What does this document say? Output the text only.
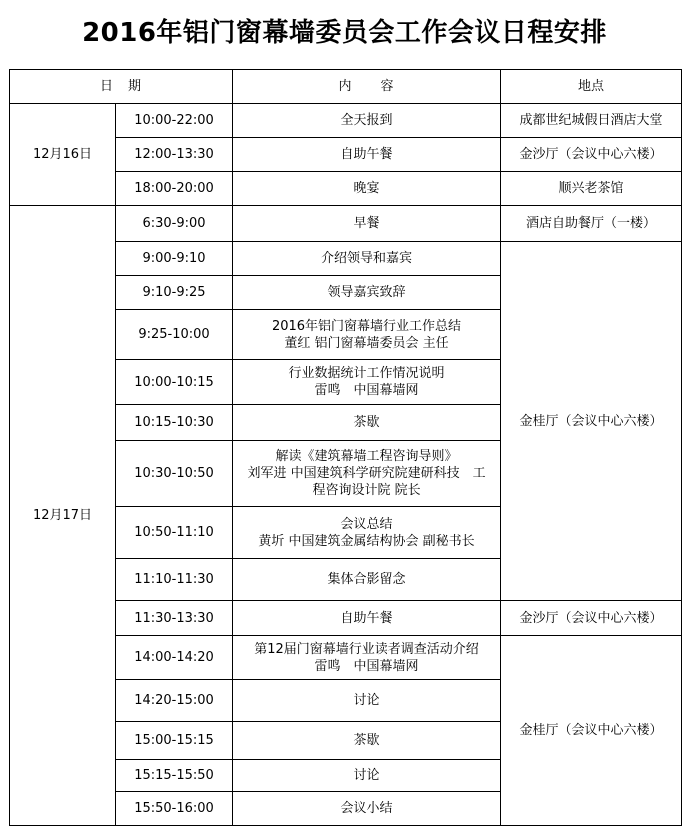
2016年铝门窗幕墙委员会工作会议日程安排
日　期		内　　容	地点
12月16日	10:00-22:00	全天报到	成都世纪城假日酒店大堂
	12:00-13:30	自助午餐	金沙厅（会议中心六楼）
	18:00-20:00	晚宴	顺兴老茶馆
12月17日	6:30-9:00	早餐	酒店自助餐厅（一楼）
	9:00-9:10	介绍领导和嘉宾	金桂厅（会议中心六楼）
	9:10-9:25	领导嘉宾致辞	
	9:25-10:00	2016年铝门窗幕墙行业工作总结
董红 铝门窗幕墙委员会 主任	

	10:00-10:15	行业数据统计工作情况说明
雷鸣　中国幕墙网	

	10:15-10:30	茶歇	
	10:30-10:50	解读《建筑幕墙工程咨询导则》
刘军进 中国建筑科学研究院建研科技　工
程咨询设计院 院长	

	10:50-11:10	会议总结
黄圻 中国建筑金属结构协会 副秘书长	

	11:10-11:30	集体合影留念	
	11:30-13:30	自助午餐	金沙厅（会议中心六楼）
	14:00-14:20	第12届门窗幕墙行业读者调查活动介绍
雷鸣　中国幕墙网	金桂厅（会议中心六楼）
	14:20-15:00	讨论	
	15:00-15:15	茶歇	
	15:15-15:50	讨论	
	15:50-16:00	会议小结	
